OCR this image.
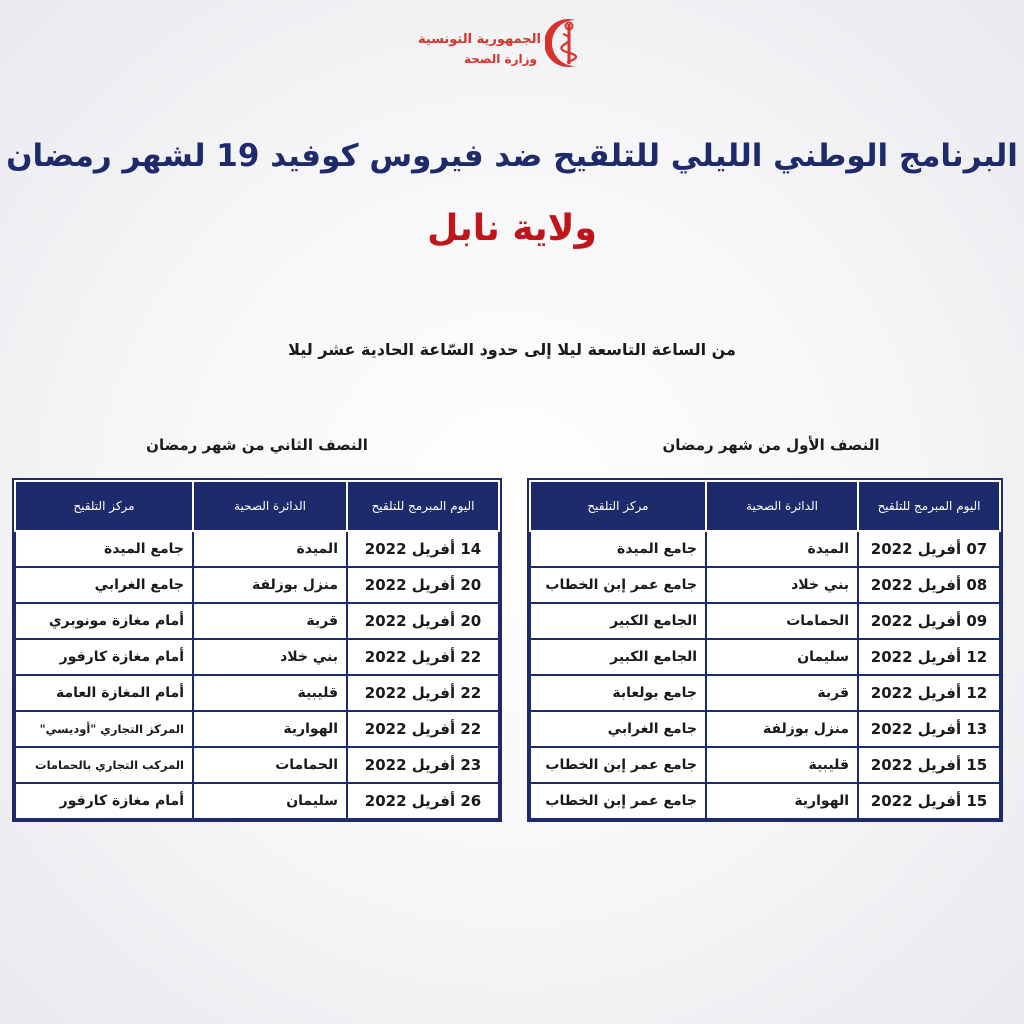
الجمهورية التونسية
وزارة الصحة
البرنامج الوطني الليلي للتلقيح ضد فيروس كوفيد 19 لشهر رمضان
ولاية نابل
من الساعة التاسعة ليلا إلى حدود السّاعة الحادية عشر ليلا
النصف الأول من شهر رمضان
النصف الثاني من شهر رمضان
اليوم المبرمج للتلقيح	الدائرة الصحية	مركز التلقيح
07 أفريل 2022	الميدة	جامع الميدة
08 أفريل 2022	بني خلاد	جامع عمر إبن الخطاب
09 أفريل 2022	الحمامات	الجامع الكبير
12 أفريل 2022	سليمان	الجامع الكبير
12 أفريل 2022	قربة	جامع بولعابة
13 أفريل 2022	منزل بوزلفة	جامع الغرابي
15 أفريل 2022	قليبية	جامع عمر إبن الخطاب
15 أفريل 2022	الهوارية	جامع عمر إبن الخطاب
اليوم المبرمج للتلقيح	الدائرة الصحية	مركز التلقيح
14 أفريل 2022	الميدة	جامع الميدة
20 أفريل 2022	منزل بوزلفة	جامع الغرابي
20 أفريل 2022	قربة	أمام مغازة مونوبري
22 أفريل 2022	بني خلاد	أمام مغازة كارفور
22 أفريل 2022	قليبية	أمام المغازة العامة
22 أفريل 2022	الهوارية	المركز التجاري "أوديسي"
23 أفريل 2022	الحمامات	المركب التجاري بالحمامات
26 أفريل 2022	سليمان	أمام مغازة كارفور
